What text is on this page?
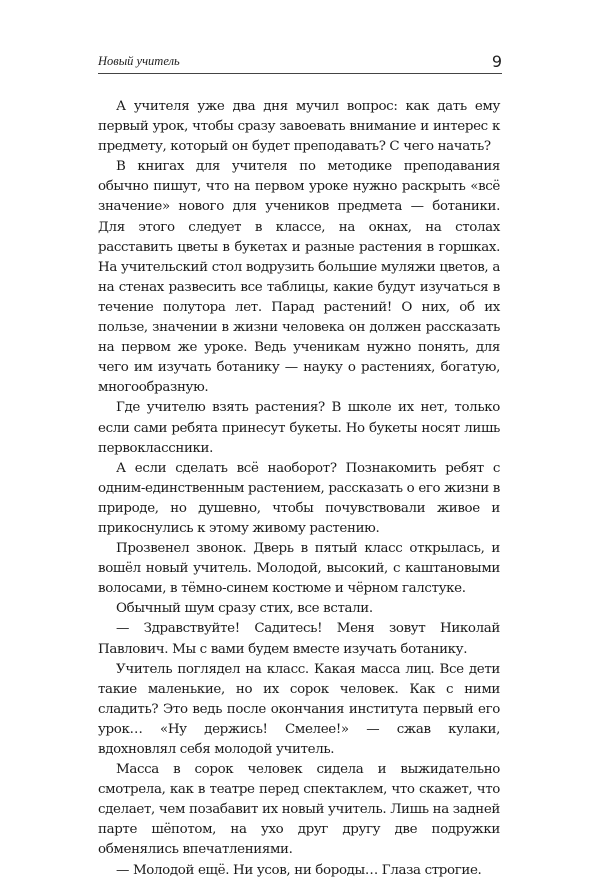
Новый учитель	9

А учителя уже два дня мучил вопрос: как дать ему первый урок, чтобы сразу завоевать внимание и интерес к предмету, который он будет преподавать? С чего начать?

В книгах для учителя по методике преподавания обычно пишут, что на первом уроке нужно раскрыть «всё значение» нового для учеников предмета — ботаники. Для этого следует в классе, на окнах, на столах расставить цветы в букетах и разные растения в горшках. На учительский стол водрузить большие муляжи цветов, а на стенах развесить все таблицы, какие будут изучаться в течение полутора лет. Парад растений! О них, об их пользе, значении в жизни человека он должен рассказать на первом же уроке. Ведь ученикам нужно понять, для чего им изучать ботанику — науку о растениях, богатую, многообразную.

Где учителю взять растения? В школе их нет, только если сами ребята принесут букеты. Но букеты носят лишь первоклассники.

А если сделать всё наоборот? Познакомить ребят с одним-единственным растением, рассказать о его жизни в природе, но душевно, чтобы почувствовали живое и прикоснулись к этому живому растению.

Прозвенел звонок. Дверь в пятый класс открылась, и вошёл новый учитель. Молодой, высокий, с каштановыми волосами, в тёмно-синем костюме и чёрном галстуке.

Обычный шум сразу стих, все встали.

— Здравствуйте! Садитесь! Меня зовут Николай Павлович. Мы с вами будем вместе изучать ботанику.

Учитель поглядел на класс. Какая масса лиц. Все дети такие маленькие, но их сорок человек. Как с ними сладить? Это ведь после окончания института первый его урок… «Ну держись! Смелее!» — сжав кулаки, вдохновлял себя молодой учитель.

Масса в сорок человек сидела и выжидательно смотрела, как в театре перед спектаклем, что скажет, что сделает, чем позабавит их новый учитель. Лишь на задней парте шёпотом, на ухо друг другу две подружки обменялись впечатлениями.

— Молодой ещё. Ни усов, ни бороды… Глаза строгие.
